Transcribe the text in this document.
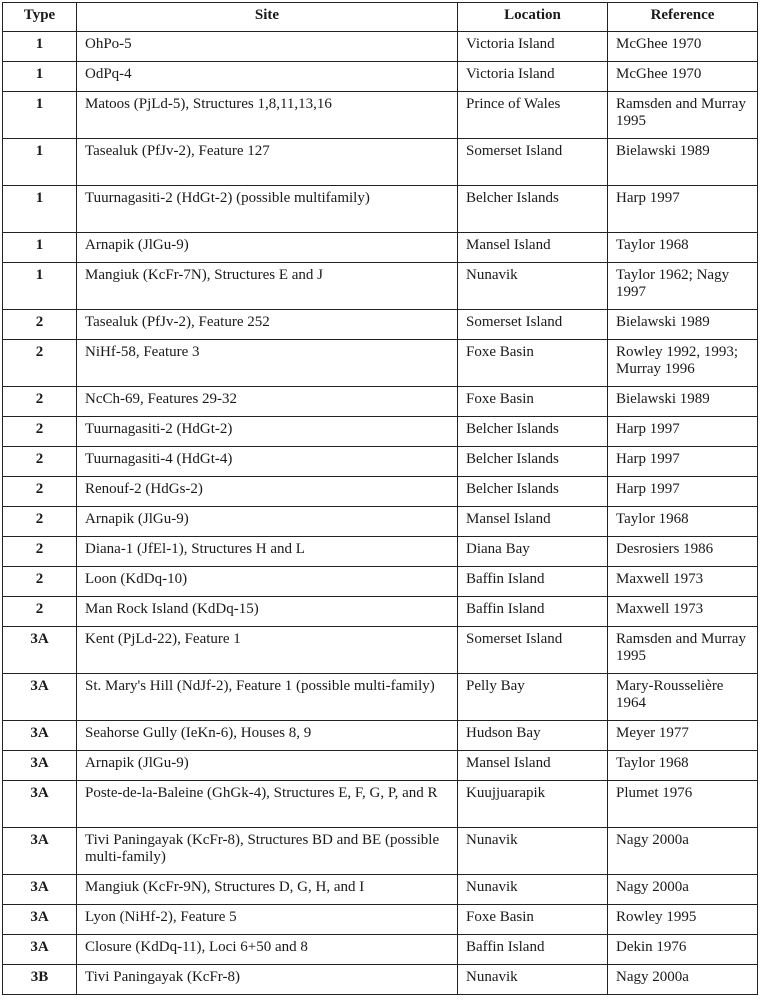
Type	Site	Location	Reference
1	OhPo-5	Victoria Island	McGhee 1970
1	OdPq-4	Victoria Island	McGhee 1970
1	Matoos (PjLd-5), Structures 1,8,11,13,16	Prince of Wales	Ramsden and Murray 1995
1	Tasealuk (PfJv-2), Feature 127	Somerset Island	Bielawski 1989
1	Tuurnagasiti-2 (HdGt-2) (possible multifamily)	Belcher Islands	Harp 1997
1	Arnapik (JlGu-9)	Mansel Island	Taylor 1968
1	Mangiuk (KcFr-7N), Structures E and J	Nunavik	Taylor 1962; Nagy 1997
2	Tasealuk (PfJv-2), Feature 252	Somerset Island	Bielawski 1989
2	NiHf-58, Feature 3	Foxe Basin	Rowley 1992, 1993; Murray 1996
2	NcCh-69, Features 29-32	Foxe Basin	Bielawski 1989
2	Tuurnagasiti-2 (HdGt-2)	Belcher Islands	Harp 1997
2	Tuurnagasiti-4 (HdGt-4)	Belcher Islands	Harp 1997
2	Renouf-2 (HdGs-2)	Belcher Islands	Harp 1997
2	Arnapik (JlGu-9)	Mansel Island	Taylor 1968
2	Diana-1 (JfEl-1), Structures H and L	Diana Bay	Desrosiers 1986
2	Loon (KdDq-10)	Baffin Island	Maxwell 1973
2	Man Rock Island (KdDq-15)	Baffin Island	Maxwell 1973
3A	Kent (PjLd-22), Feature 1	Somerset Island	Ramsden and Murray 1995
3A	St. Mary's Hill (NdJf-2), Feature 1 (possible multi-family)	Pelly Bay	Mary-Rousselière 1964
3A	Seahorse Gully (IeKn-6), Houses 8, 9	Hudson Bay	Meyer 1977
3A	Arnapik (JlGu-9)	Mansel Island	Taylor 1968
3A	Poste-de-la-Baleine (GhGk-4), Structures E, F, G, P, and R	Kuujjuarapik	Plumet 1976
3A	Tivi Paningayak (KcFr-8), Structures BD and BE (possible multi-family)	Nunavik	Nagy 2000a
3A	Mangiuk (KcFr-9N), Structures D, G, H, and I	Nunavik	Nagy 2000a
3A	Lyon (NiHf-2), Feature 5	Foxe Basin	Rowley 1995
3A	Closure (KdDq-11), Loci 6+50 and 8	Baffin Island	Dekin 1976
3B	Tivi Paningayak (KcFr-8)	Nunavik	Nagy 2000a
